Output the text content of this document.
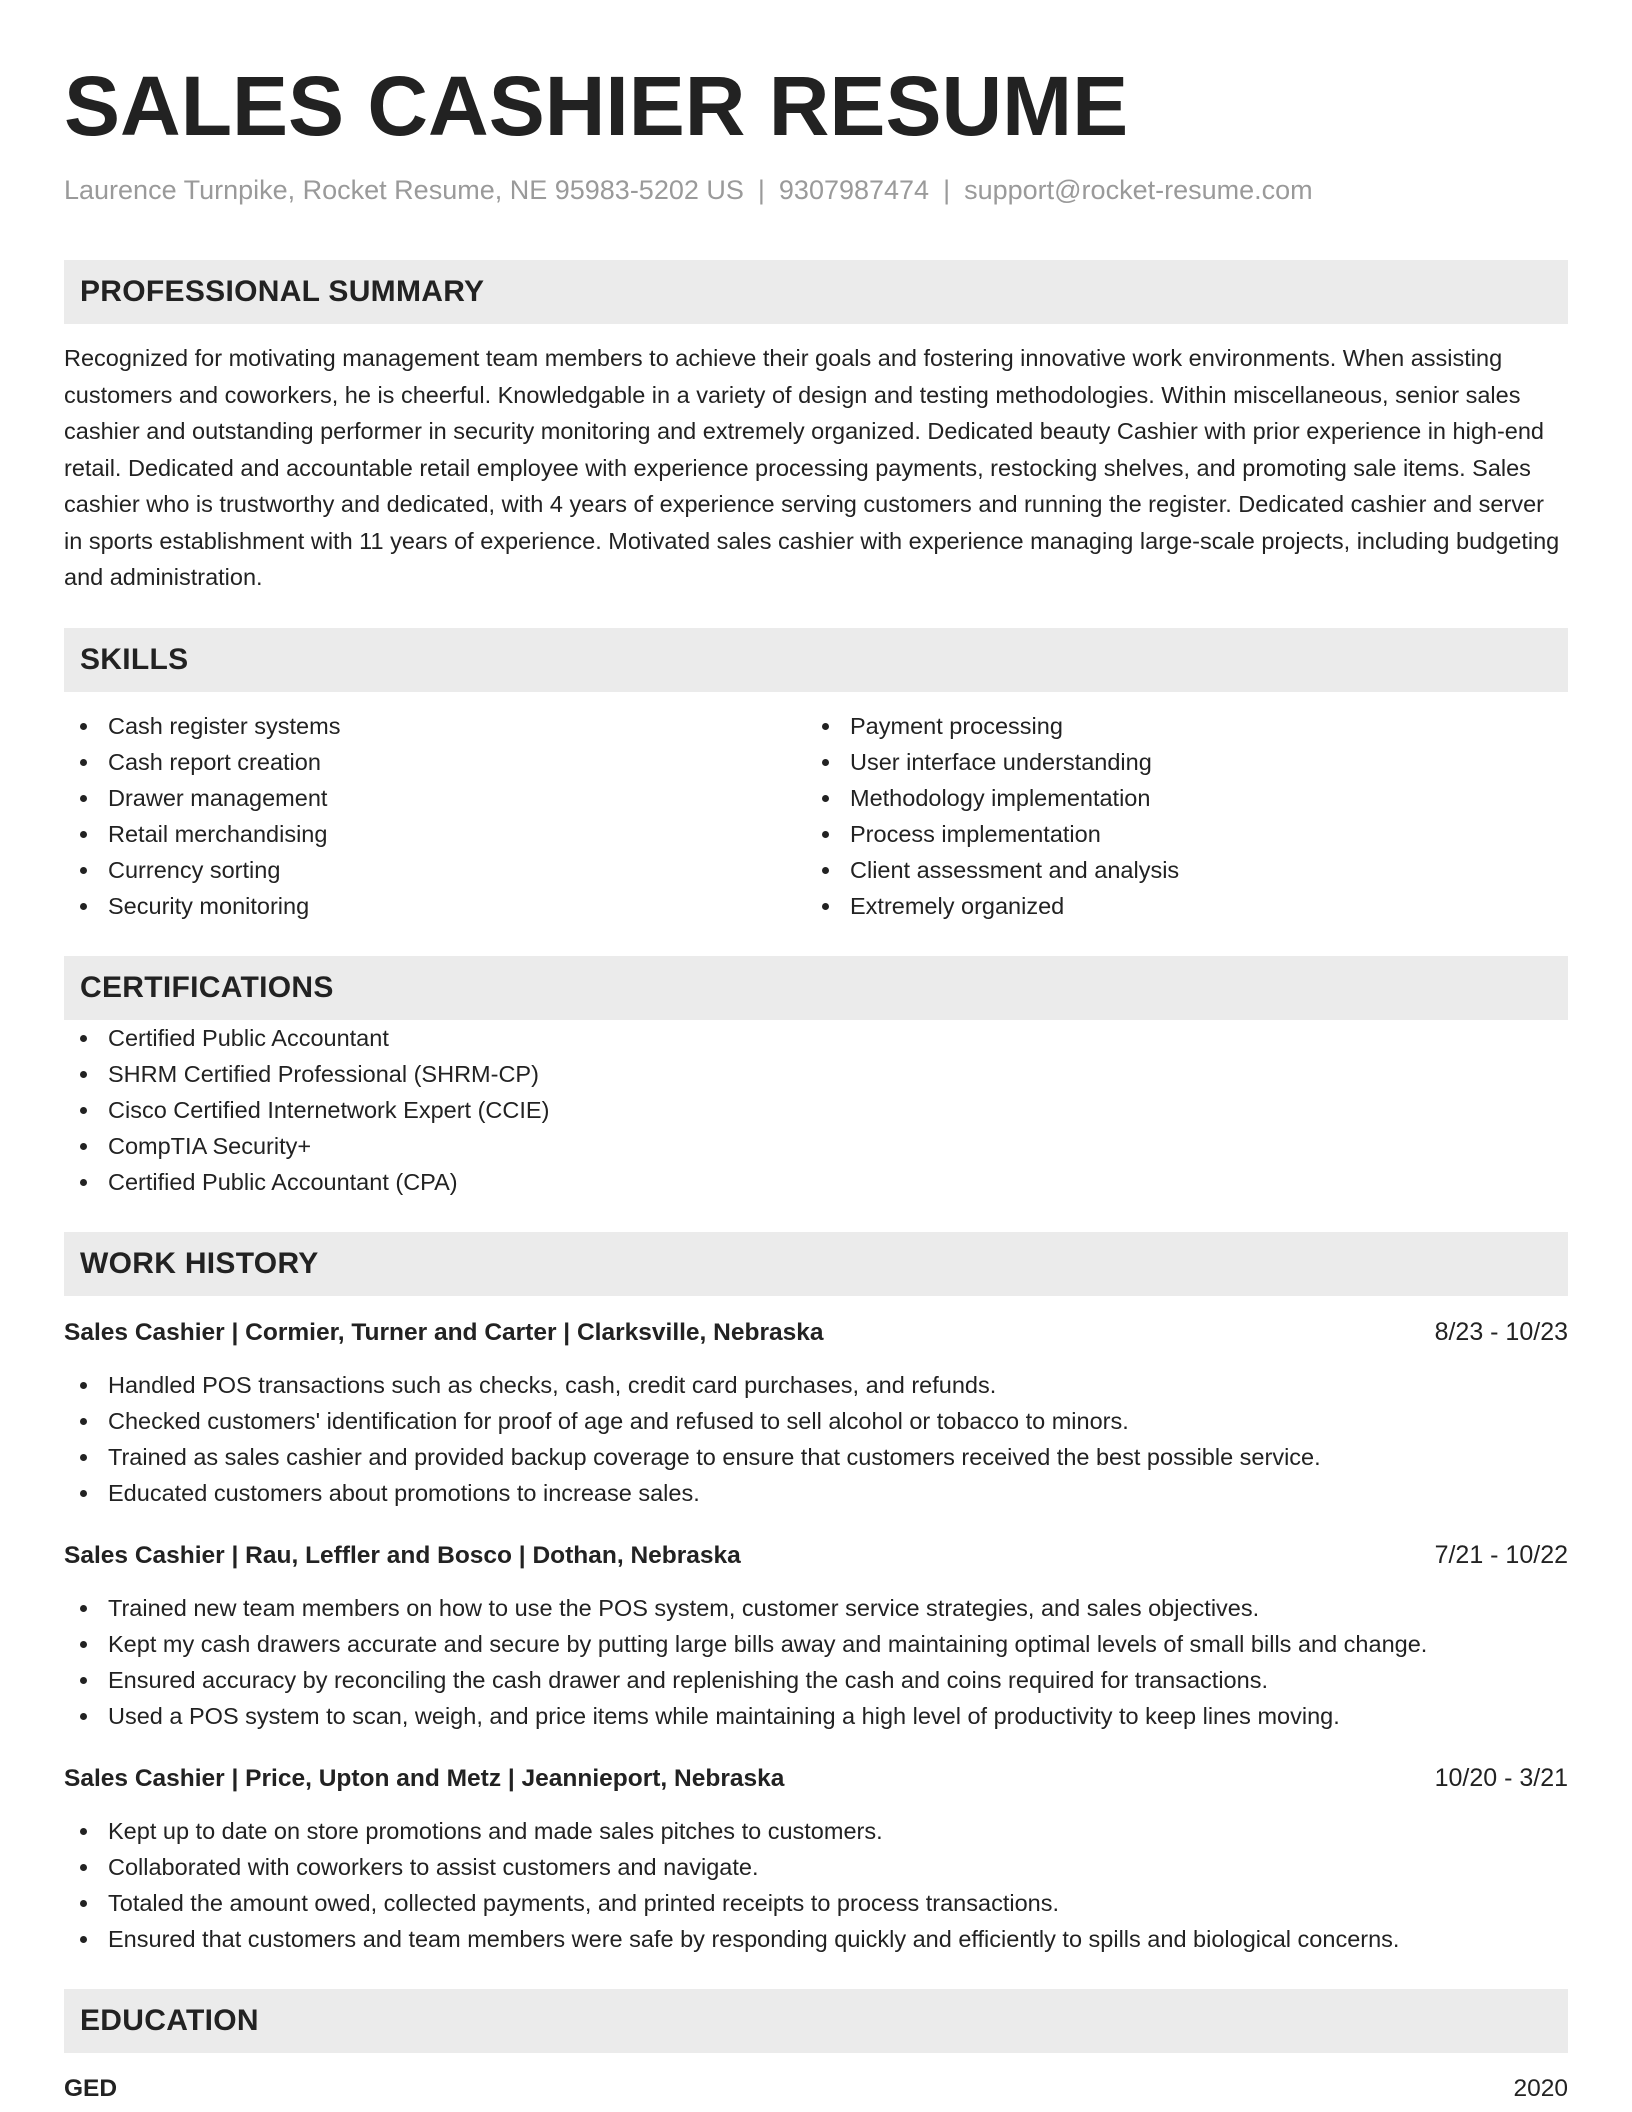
SALES CASHIER RESUME
Laurence Turnpike, Rocket Resume, NE 95983-5202 US | 9307987474 | support@rocket-resume.com
PROFESSIONAL SUMMARY
Recognized for motivating management team members to achieve their goals and fostering innovative work environments. When assisting customers and coworkers, he is cheerful. Knowledgable in a variety of design and testing methodologies. Within miscellaneous, senior sales cashier and outstanding performer in security monitoring and extremely organized. Dedicated beauty Cashier with prior experience in high-end retail. Dedicated and accountable retail employee with experience processing payments, restocking shelves, and promoting sale items. Sales cashier who is trustworthy and dedicated, with 4 years of experience serving customers and running the register. Dedicated cashier and server in sports establishment with 11 years of experience. Motivated sales cashier with experience managing large-scale projects, including budgeting and administration.
SKILLS
Cash register systems
Cash report creation
Drawer management
Retail merchandising
Currency sorting
Security monitoring
Payment processing
User interface understanding
Methodology implementation
Process implementation
Client assessment and analysis
Extremely organized
CERTIFICATIONS
Certified Public Accountant
SHRM Certified Professional (SHRM-CP)
Cisco Certified Internetwork Expert (CCIE)
CompTIA Security+
Certified Public Accountant (CPA)
WORK HISTORY
Sales Cashier | Cormier, Turner and Carter | Clarksville, Nebraska	8/23 - 10/23
Handled POS transactions such as checks, cash, credit card purchases, and refunds.
Checked customers' identification for proof of age and refused to sell alcohol or tobacco to minors.
Trained as sales cashier and provided backup coverage to ensure that customers received the best possible service.
Educated customers about promotions to increase sales.
Sales Cashier | Rau, Leffler and Bosco | Dothan, Nebraska	7/21 - 10/22
Trained new team members on how to use the POS system, customer service strategies, and sales objectives.
Kept my cash drawers accurate and secure by putting large bills away and maintaining optimal levels of small bills and change.
Ensured accuracy by reconciling the cash drawer and replenishing the cash and coins required for transactions.
Used a POS system to scan, weigh, and price items while maintaining a high level of productivity to keep lines moving.
Sales Cashier | Price, Upton and Metz | Jeannieport, Nebraska	10/20 - 3/21
Kept up to date on store promotions and made sales pitches to customers.
Collaborated with coworkers to assist customers and navigate.
Totaled the amount owed, collected payments, and printed receipts to process transactions.
Ensured that customers and team members were safe by responding quickly and efficiently to spills and biological concerns.
EDUCATION
GED	2020
